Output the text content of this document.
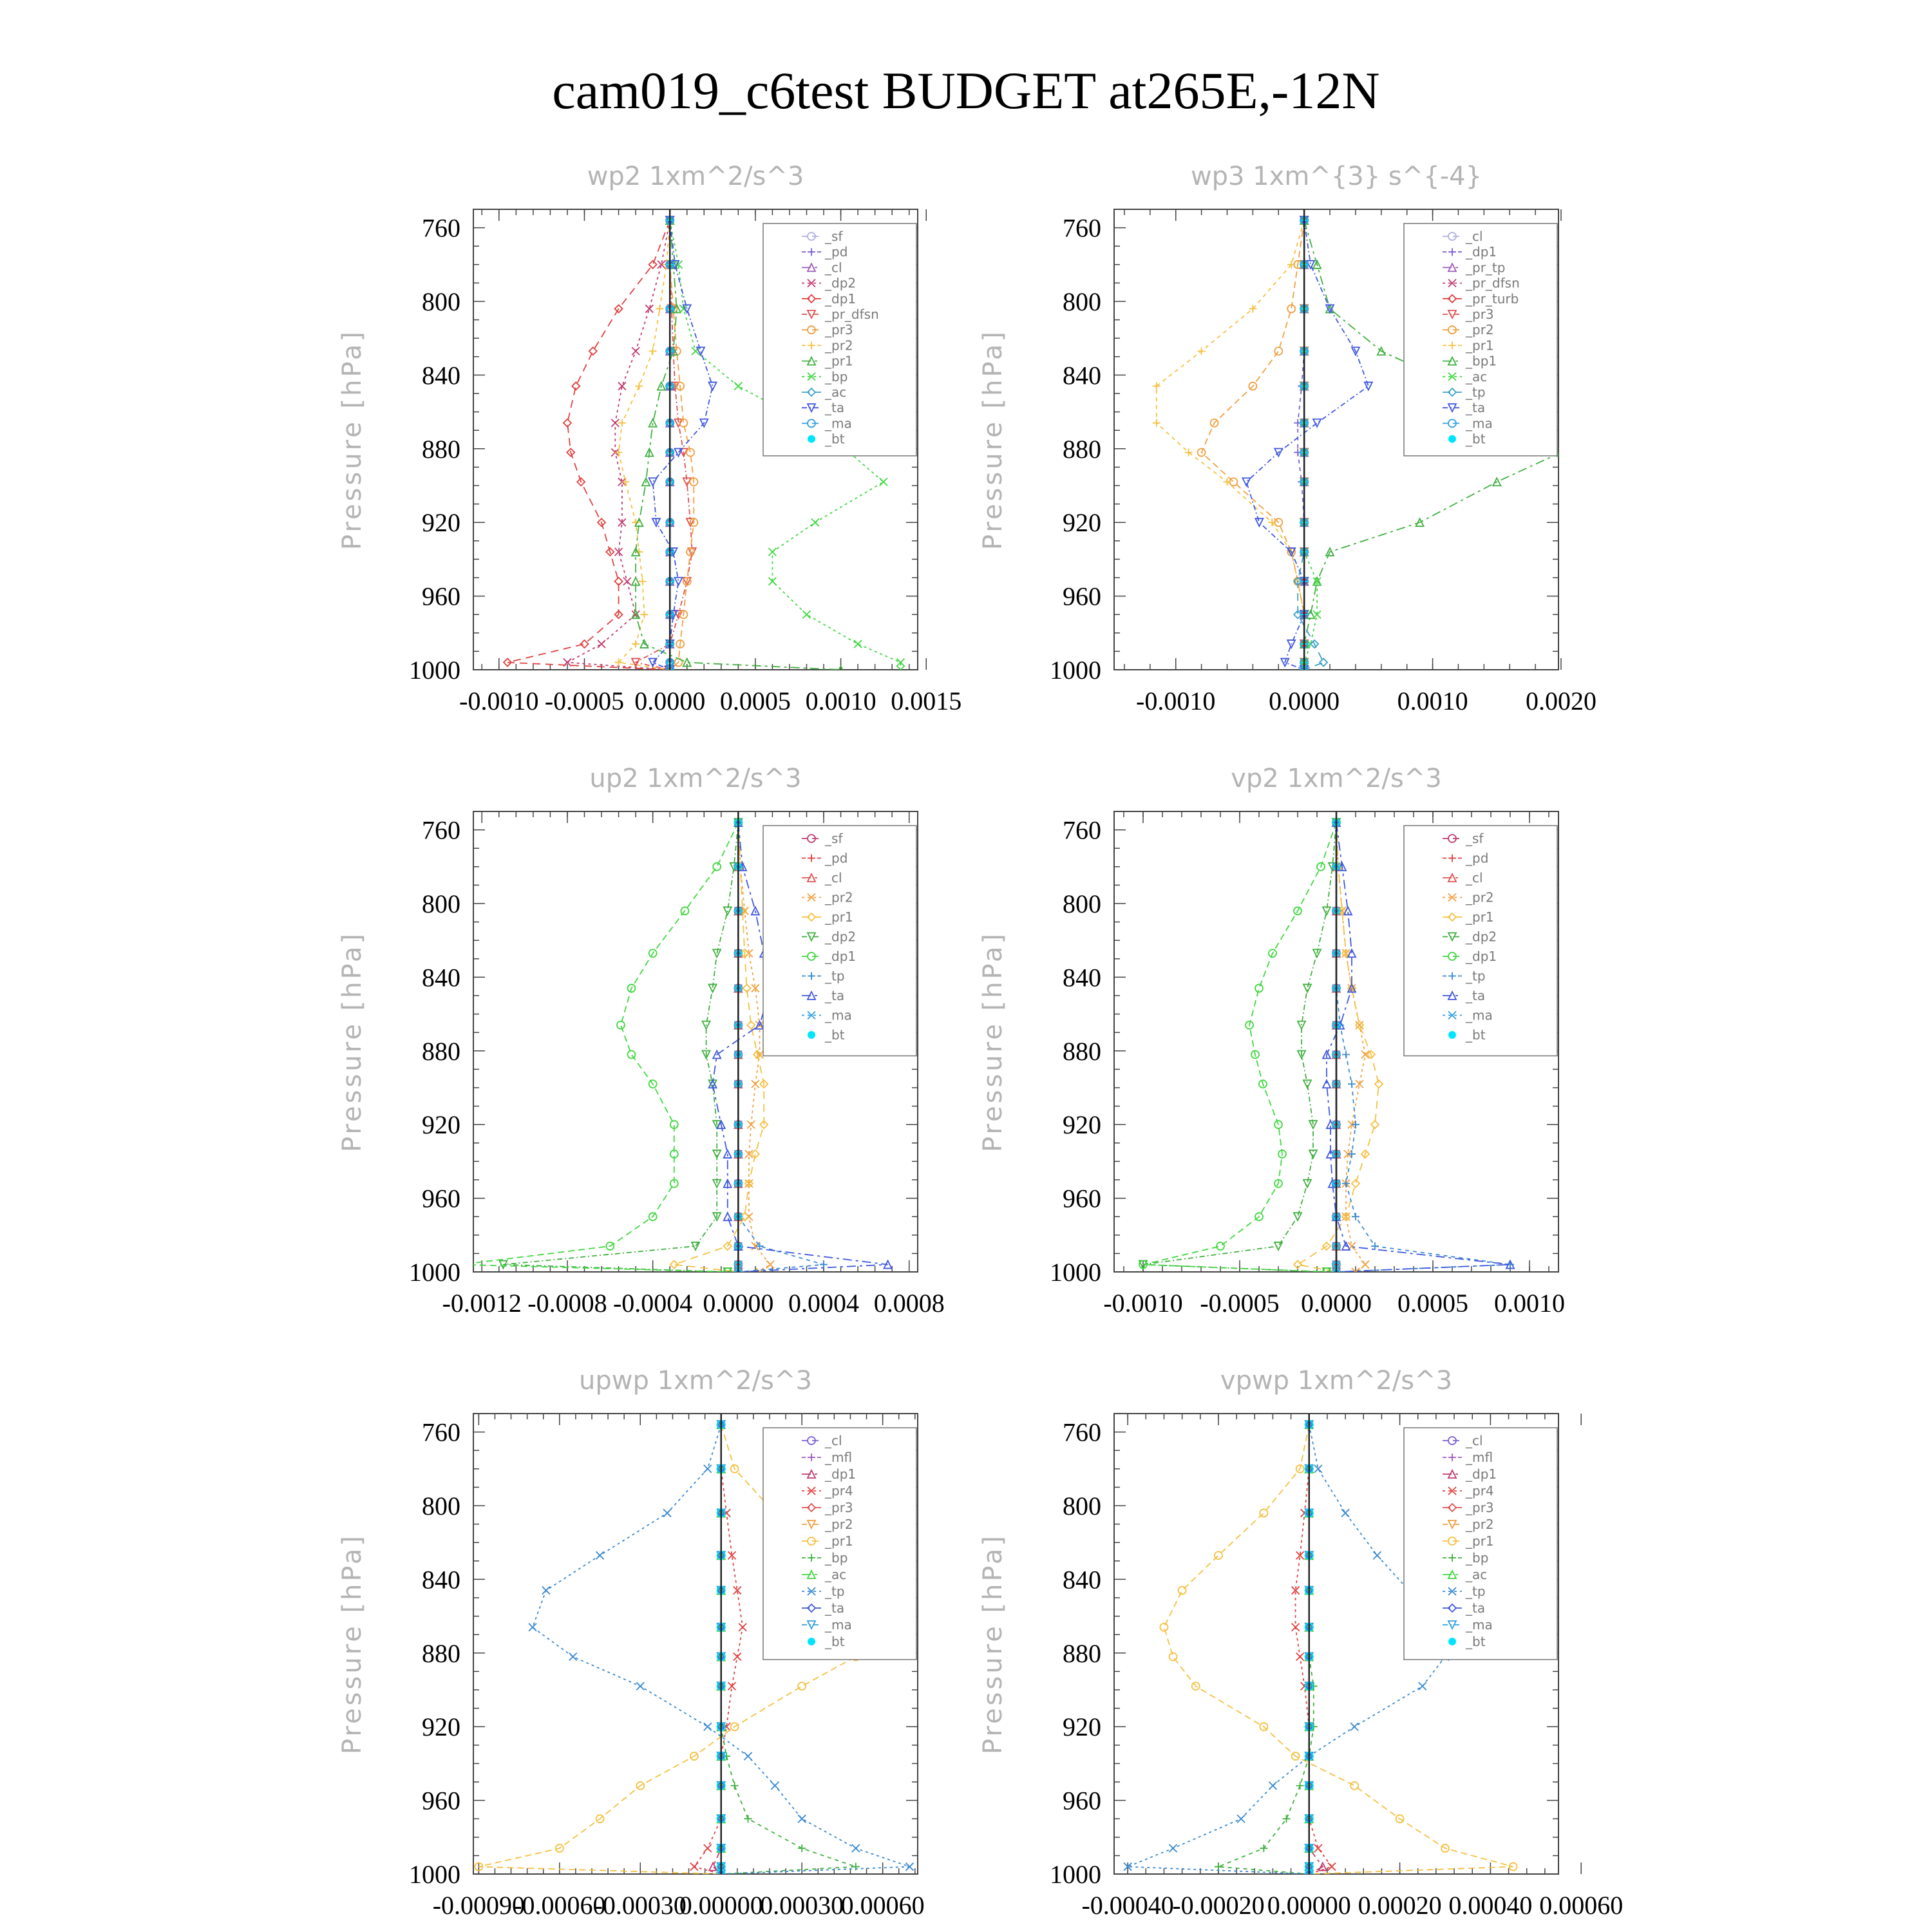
cam019_c6test BUDGET at265E,-12N
wp2 1xm^2/s^3
Pressure [hPa]
760
800
840
880
920
960
1000
-0.0010 -0.0005 0.0000 0.0005 0.0010 0.0015
_sf
_pd
_cl
_dp2
_dp1
_pr_dfsn
_pr3
_pr2
_pr1
_bp
_ac
_ta
_ma
_bt
wp3 1xm^{3} s^{-4}
Pressure [hPa]
760
800
840
880
920
960
1000
-0.0010 0.0000 0.0010 0.0020
_cl
_dp1
_pr_tp
_pr_dfsn
_pr_turb
_pr3
_pr2
_pr1
_bp1
_ac
_tp
_ta
_ma
_bt
up2 1xm^2/s^3
Pressure [hPa]
760
800
840
880
920
960
1000
-0.0012 -0.0008 -0.0004 0.0000 0.0004 0.0008
_sf
_pd
_cl
_pr2
_pr1
_dp2
_dp1
_tp
_ta
_ma
_bt
vp2 1xm^2/s^3
Pressure [hPa]
760
800
840
880
920
960
1000
-0.0010 -0.0005 0.0000 0.0005 0.0010
_sf
_pd
_cl
_pr2
_pr1
_dp2
_dp1
_tp
_ta
_ma
_bt
upwp 1xm^2/s^3
Pressure [hPa]
760
800
840
880
920
960
1000
-0.00090
-0.00060
-0.00030
0.00000
0.00030
0.00060
_cl
_mfl
_dp1
_pr4
_pr3
_pr2
_pr1
_bp
_ac
_tp
_ta
_ma
_bt
vpwp 1xm^2/s^3
Pressure [hPa]
760
800
840
880
920
960
1000
-0.00040
-0.00020 0.00000 0.00020 0.00040 0.00060
_cl
_mfl
_dp1
_pr4
_pr3
_pr2
_pr1
_bp
_ac
_tp
_ta
_ma
_bt
